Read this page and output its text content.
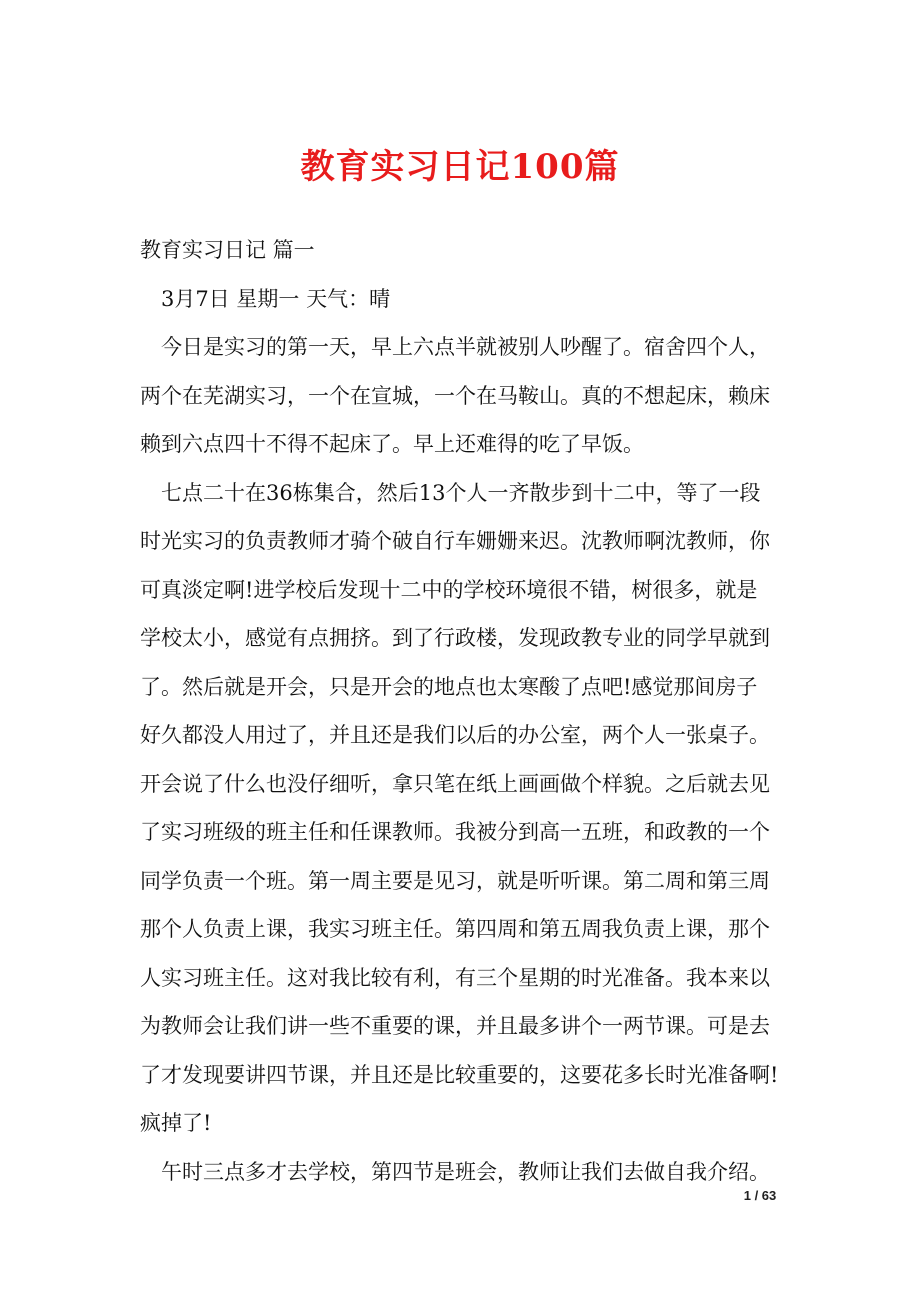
教育实习日记100篇
教育实习日记 篇一
3月7日 星期一 天气：晴
今日是实习的第一天，早上六点半就被别人吵醒了。宿舍四个人，
两个在芜湖实习，一个在宣城，一个在马鞍山。真的不想起床，赖床
赖到六点四十不得不起床了。早上还难得的吃了早饭。
七点二十在36栋集合，然后13个人一齐散步到十二中，等了一段
时光实习的负责教师才骑个破自行车姗姗来迟。沈教师啊沈教师，你
可真淡定啊!进学校后发现十二中的学校环境很不错，树很多，就是
学校太小，感觉有点拥挤。到了行政楼，发现政教专业的同学早就到
了。然后就是开会，只是开会的地点也太寒酸了点吧!感觉那间房子
好久都没人用过了，并且还是我们以后的办公室，两个人一张桌子。
开会说了什么也没仔细听，拿只笔在纸上画画做个样貌。之后就去见
了实习班级的班主任和任课教师。我被分到高一五班，和政教的一个
同学负责一个班。第一周主要是见习，就是听听课。第二周和第三周
那个人负责上课，我实习班主任。第四周和第五周我负责上课，那个
人实习班主任。这对我比较有利，有三个星期的时光准备。我本来以
为教师会让我们讲一些不重要的课，并且最多讲个一两节课。可是去
了才发现要讲四节课，并且还是比较重要的，这要花多长时光准备啊!
疯掉了!
午时三点多才去学校，第四节是班会，教师让我们去做自我介绍。
1 / 63
